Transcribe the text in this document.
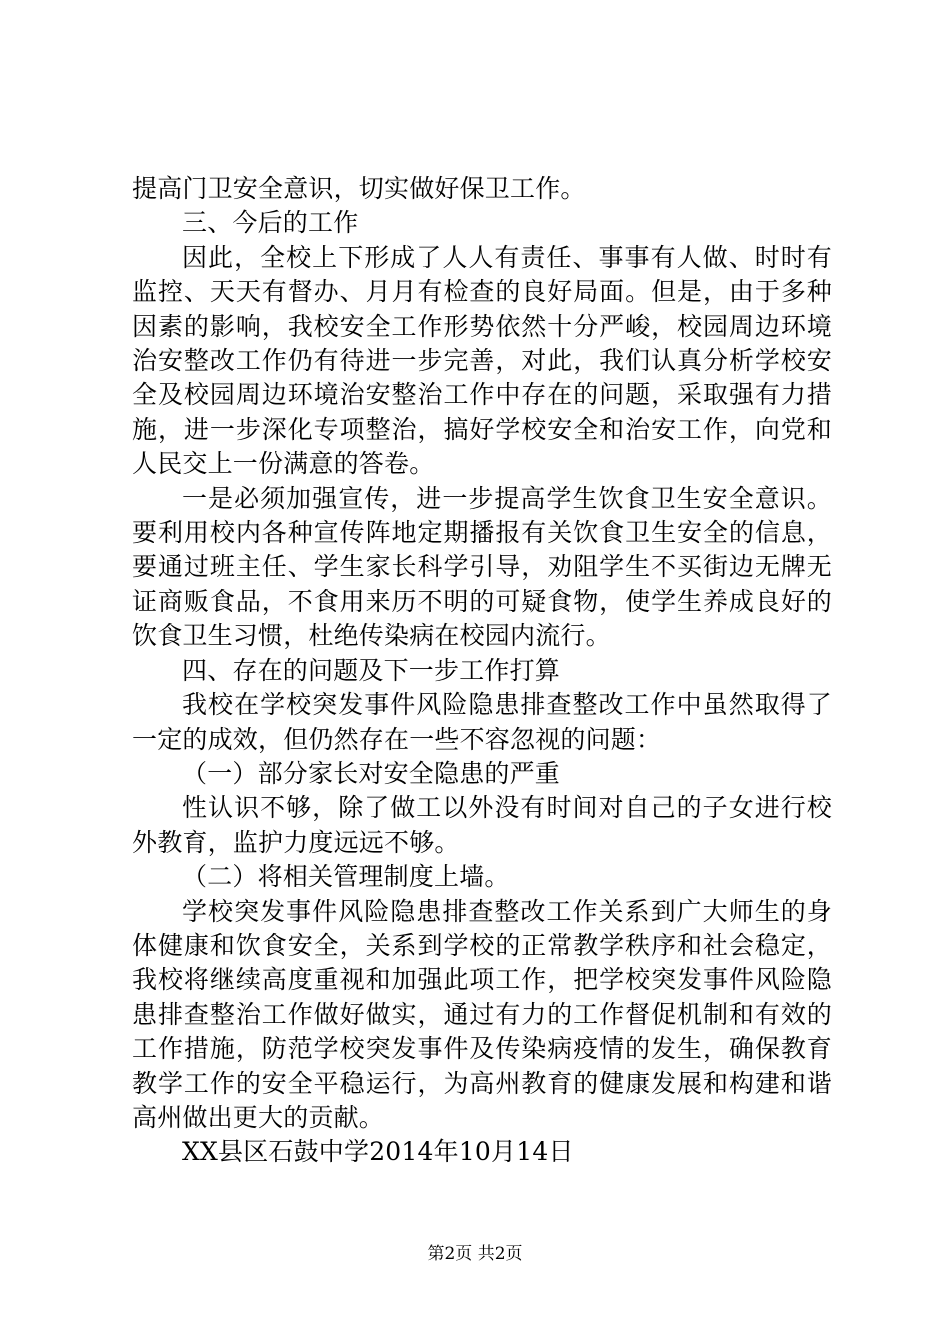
提高门卫安全意识，切实做好保卫工作。

三、今后的工作

因此，全校上下形成了人人有责任、事事有人做、时时有监控、天天有督办、月月有检查的良好局面。但是，由于多种因素的影响，我校安全工作形势依然十分严峻，校园周边环境治安整改工作仍有待进一步完善，对此，我们认真分析学校安全及校园周边环境治安整治工作中存在的问题，采取强有力措施，进一步深化专项整治，搞好学校安全和治安工作，向党和人民交上一份满意的答卷。

一是必须加强宣传，进一步提高学生饮食卫生安全意识。要利用校内各种宣传阵地定期播报有关饮食卫生安全的信息，要通过班主任、学生家长科学引导，劝阻学生不买街边无牌无证商贩食品，不食用来历不明的可疑食物，使学生养成良好的饮食卫生习惯，杜绝传染病在校园内流行。

四、存在的问题及下一步工作打算

我校在学校突发事件风险隐患排查整改工作中虽然取得了一定的成效，但仍然存在一些不容忽视的问题：

（一）部分家长对安全隐患的严重

性认识不够，除了做工以外没有时间对自己的子女进行校外教育，监护力度远远不够。

（二）将相关管理制度上墙。

学校突发事件风险隐患排查整改工作关系到广大师生的身体健康和饮食安全，关系到学校的正常教学秩序和社会稳定，我校将继续高度重视和加强此项工作，把学校突发事件风险隐患排查整治工作做好做实，通过有力的工作督促机制和有效的工作措施，防范学校突发事件及传染病疫情的发生，确保教育教学工作的安全平稳运行，为高州教育的健康发展和构建和谐高州做出更大的贡献。

XX县区石鼓中学2014年10月14日

第2页 共2页
